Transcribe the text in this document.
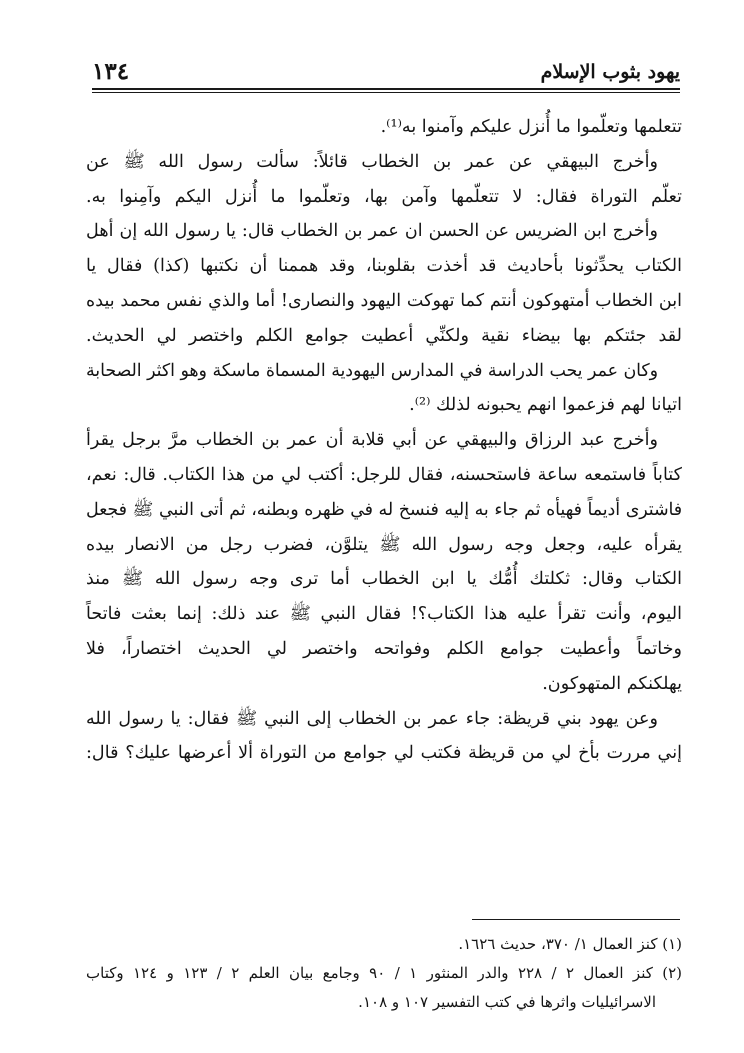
يهود بثوب الإسلام
١٣٤
تتعلمها وتعلّموا ما أُنزل عليكم وآمنوا به⁽¹⁾.
وأخرج البيهقي عن عمر بن الخطاب قائلاً: سألت رسول الله ﷺ عن
تعلّم التوراة فقال: لا تتعلّمها وآمن بها، وتعلّموا ما أُنزل اليكم وآمِنوا به.
وأخرج ابن الضريس عن الحسن ان عمر بن الخطاب قال: يا رسول الله إن أهل
الكتاب يحدِّثونا بأحاديث قد أخذت بقلوبنا، وقد هممنا أن نكتبها (كذا) فقال يا
ابن الخطاب أمتهوكون أنتم كما تهوكت اليهود والنصارى! أما والذي نفس محمد بيده
لقد جئتكم بها بيضاء نقية ولكنِّي أعطيت جوامع الكلم واختصر لي الحديث.
وكان عمر يحب الدراسة في المدارس اليهودية المسماة ماسكة وهو اكثر الصحابة
اتيانا لهم فزعموا انهم يحبونه لذلك ⁽²⁾.
وأخرج عبد الرزاق والبيهقي عن أبي قلابة أن عمر بن الخطاب مرَّ برجل يقرأ
كتاباً فاستمعه ساعة فاستحسنه، فقال للرجل: أكتب لي من هذا الكتاب. قال: نعم،
فاشترى أديماً فهيأه ثم جاء به إليه فنسخ له في ظهره وبطنه، ثم أتى النبي ﷺ فجعل
يقرأه عليه، وجعل وجه رسول الله ﷺ يتلوَّن، فضرب رجل من الانصار بيده
الكتاب وقال: ثكلتك أُمُّك يا ابن الخطاب أما ترى وجه رسول الله ﷺ منذ
اليوم، وأنت تقرأ عليه هذا الكتاب؟! فقال النبي ﷺ عند ذلك: إنما بعثت فاتحاً
وخاتماً وأعطيت جوامع الكلم وفواتحه واختصر لي الحديث اختصاراً، فلا
يهلكنكم المتهوكون.
وعن يهود بني قريظة: جاء عمر بن الخطاب إلى النبي ﷺ فقال: يا رسول الله
إني مررت بأخ لي من قريظة فكتب لي جوامع من التوراة ألا أعرضها عليك؟ قال:
(١) كنز العمال ١/ ٣٧٠، حديث ١٦٢٦.
(٢) كنز العمال ٢ / ٢٢٨ والدر المنثور ١ / ٩٠ وجامع بيان العلم ٢ / ١٢٣ و ١٢٤ وكتاب
الاسرائيليات واثرها في كتب التفسير ١٠٧ و ١٠٨.
